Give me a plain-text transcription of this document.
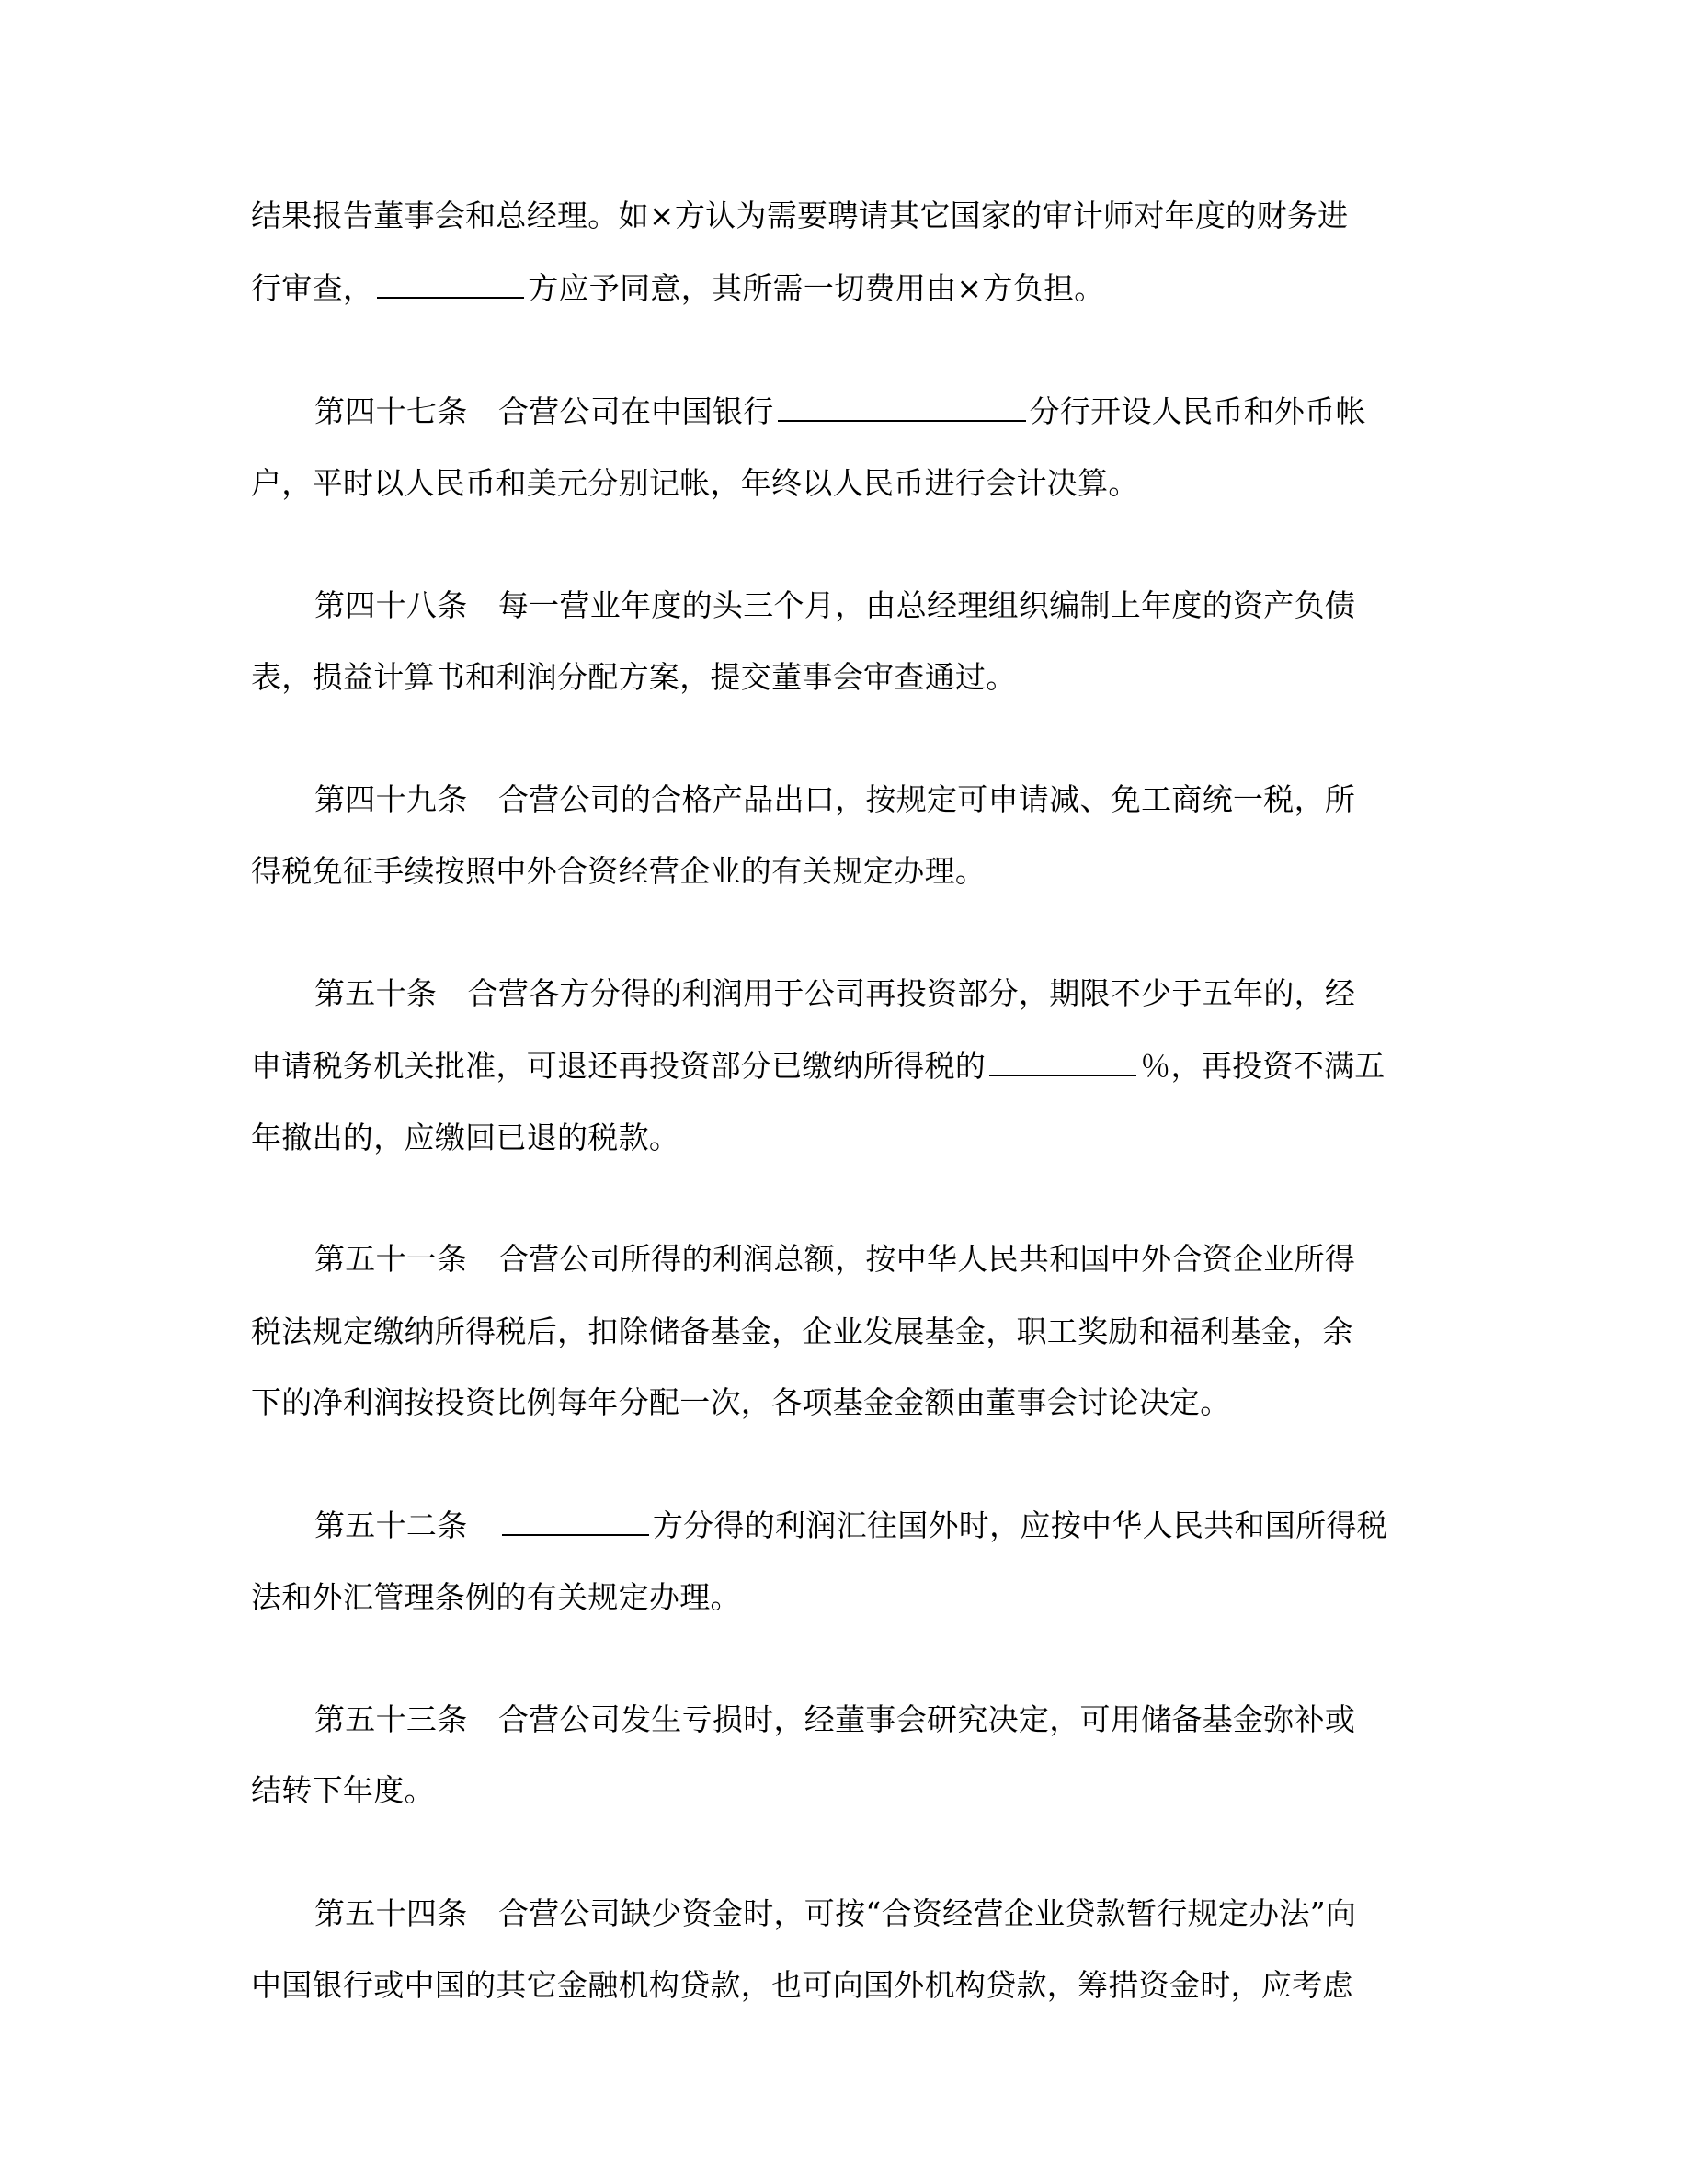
结果报告董事会和总经理。如×方认为需要聘请其它国家的审计师对年度的财务进
行审查，	方应予同意，其所需一切费用由×方负担。
第四十七条　 合营公司在中国银行	分行开设人民币和外币帐
户，平时以人民币和美元分别记帐，年终以人民币进行会计决算。
第四十八条　 每一营业年度的头三个月，由总经理组织编制上年度的资产负债
表，损益计算书和利润分配方案，提交董事会审查通过。
第四十九条　 合营公司的合格产品出口，按规定可申请减、免工商统一税，所
得税免征手续按照中外合资经营企业的有关规定办理。
第五十条　 合营各方分得的利润用于公司再投资部分，期限不少于五年的，经
申请税务机关批准，可退还再投资部分已缴纳所得税的	％，再投资不满五
年撤出的，应缴回已退的税款。
第五十一条　 合营公司所得的利润总额，按中华人民共和国中外合资企业所得
税法规定缴纳所得税后，扣除储备基金，企业发展基金，职工奖励和福利基金，余
下的净利润按投资比例每年分配一次，各项基金金额由董事会讨论决定。
第五十二条　	方分得的利润汇往国外时，应按中华人民共和国所得税
法和外汇管理条例的有关规定办理。
第五十三条　 合营公司发生亏损时，经董事会研究决定，可用储备基金弥补或
结转下年度。
第五十四条　 合营公司缺少资金时，可按“合资经营企业贷款暂行规定办法”向
中国银行或中国的其它金融机构贷款，也可向国外机构贷款，筹措资金时，应考虑
